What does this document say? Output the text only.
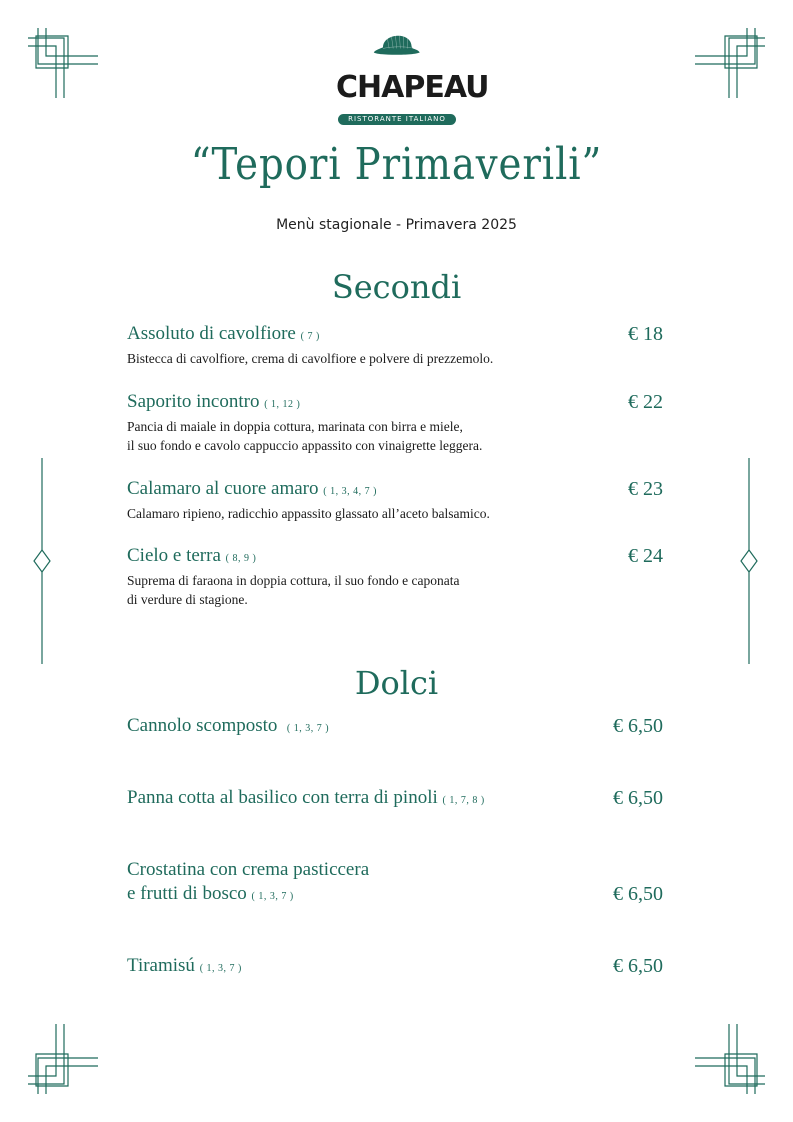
CHAPEAU
RISTORANTE ITALIANO
“Tepori Primaverili”
Menù stagionale - Primavera 2025
Secondi
Assoluto di cavolfiore ( 7 )	€ 18
Bistecca di cavolfiore, crema di cavolfiore e polvere di prezzemolo.
Saporito incontro ( 1, 12 )	€ 22
Pancia di maiale in doppia cottura, marinata con birra e miele,
il suo fondo e cavolo cappuccio appassito con vinaigrette leggera.
Calamaro al cuore amaro ( 1, 3, 4, 7 )	€ 23
Calamaro ripieno, radicchio appassito glassato all’aceto balsamico.
Cielo e terra ( 8, 9 )	€ 24
Suprema di faraona in doppia cottura, il suo fondo e caponata
di verdure di stagione.
Dolci
Cannolo scomposto ( 1, 3, 7 )	€ 6,50
Panna cotta al basilico con terra di pinoli ( 1, 7, 8 )	€ 6,50
Crostatina con crema pasticcera
e frutti di bosco ( 1, 3, 7 )	€ 6,50
Tiramisú ( 1, 3, 7 )	€ 6,50
